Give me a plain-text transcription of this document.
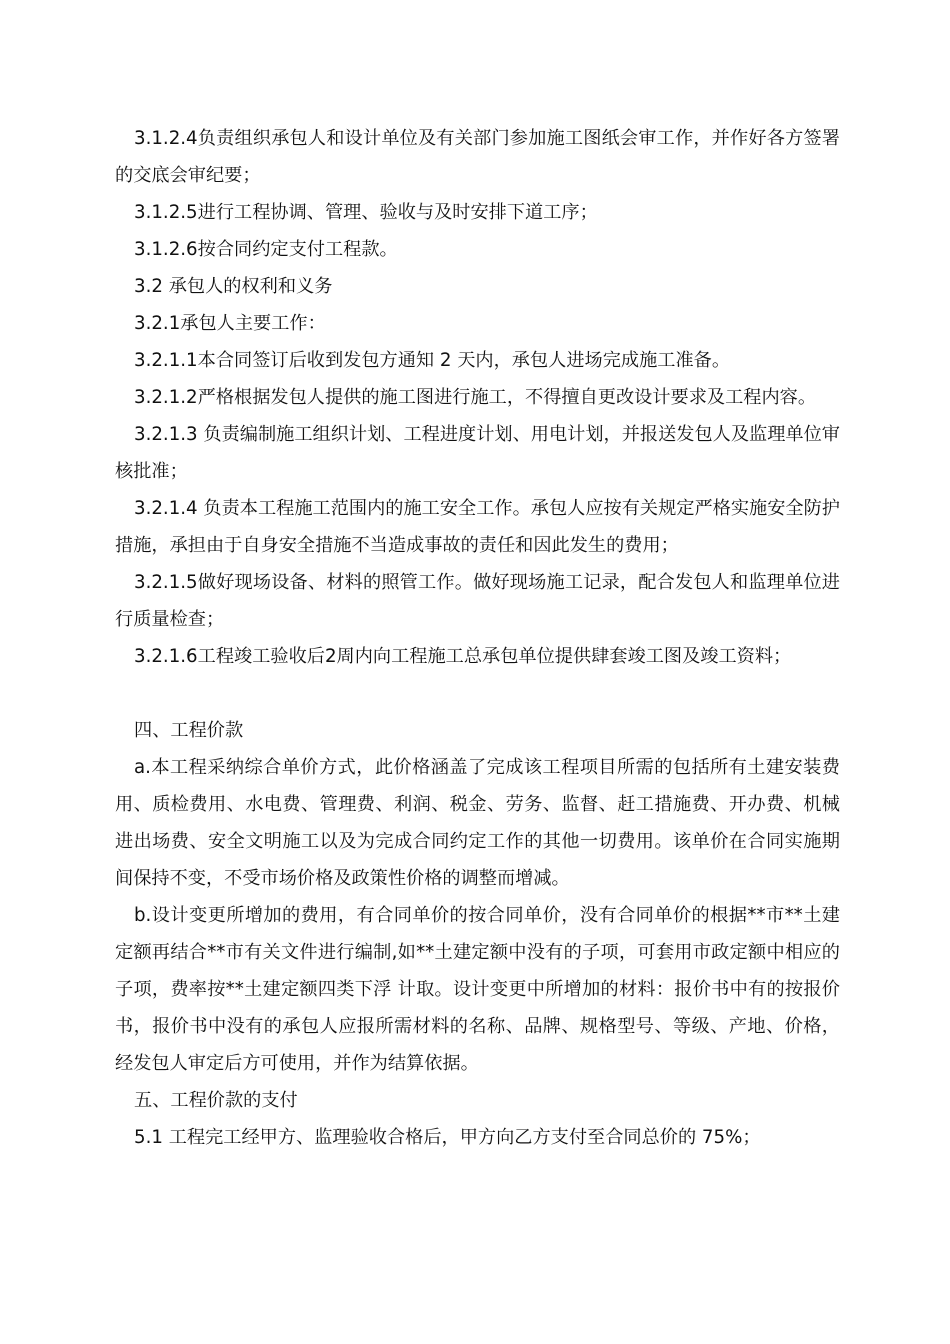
3.1.2.4负责组织承包人和设计单位及有关部门参加施工图纸会审工作，并作好各方签署的交底会审纪要；

3.1.2.5进行工程协调、管理、验收与及时安排下道工序；

3.1.2.6按合同约定支付工程款。

3.2 承包人的权利和义务

3.2.1承包人主要工作：

3.2.1.1本合同签订后收到发包方通知 2 天内，承包人进场完成施工准备。

3.2.1.2严格根据发包人提供的施工图进行施工，不得擅自更改设计要求及工程内容。

3.2.1.3 负责编制施工组织计划、工程进度计划、用电计划，并报送发包人及监理单位审核批准；

3.2.1.4 负责本工程施工范围内的施工安全工作。承包人应按有关规定严格实施安全防护措施，承担由于自身安全措施不当造成事故的责任和因此发生的费用；

3.2.1.5做好现场设备、材料的照管工作。做好现场施工记录，配合发包人和监理单位进行质量检查；

3.2.1.6工程竣工验收后2周内向工程施工总承包单位提供肆套竣工图及竣工资料；

四、工程价款

a.本工程采纳综合单价方式，此价格涵盖了完成该工程项目所需的包括所有土建安装费用、质检费用、水电费、管理费、利润、税金、劳务、监督、赶工措施费、开办费、机械进出场费、安全文明施工以及为完成合同约定工作的其他一切费用。该单价在合同实施期间保持不变，不受市场价格及政策性价格的调整而增减。

b.设计变更所增加的费用，有合同单价的按合同单价，没有合同单价的根据**市**土建定额再结合**市有关文件进行编制,如**土建定额中没有的子项，可套用市政定额中相应的子项，费率按**土建定额四类下浮 计取。设计变更中所增加的材料：报价书中有的按报价书，报价书中没有的承包人应报所需材料的名称、品牌、规格型号、等级、产地、价格，经发包人审定后方可使用，并作为结算依据。

五、工程价款的支付

5.1 工程完工经甲方、监理验收合格后，甲方向乙方支付至合同总价的 75%；
